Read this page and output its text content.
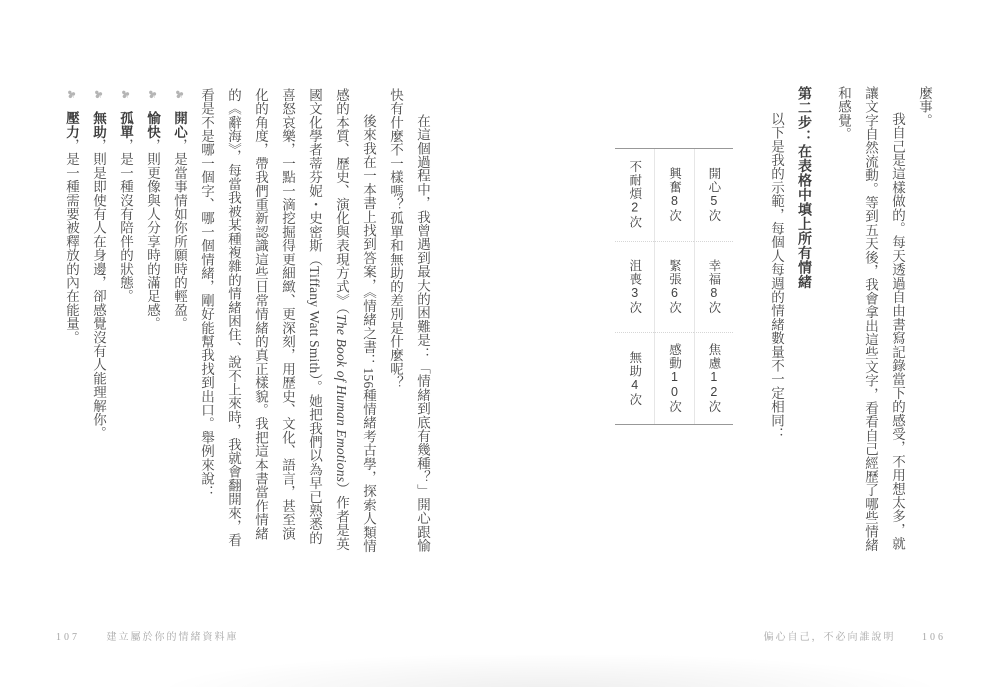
麼事。

我自己是這樣做的。每天透過自由書寫記錄當下的感受，不用想太多，就讓文字自然流動。等到五天後，我會拿出這些文字，看看自己經歷了哪些情緒和感覺。

第二步：在表格中填上所有情緒

以下是我的示範，每個人每週的情緒數量不一定相同：

開心5次
幸福8次
焦慮12次
興奮8次
緊張6次
感動10次
不耐煩2次
沮喪3次
無助4次
偏心自己，不必向誰說明	106

在這個過程中，我曾遇到最大的困難是：「情緒到底有幾種？」開心跟愉快有什麼不一樣嗎？孤單和無助的差別是什麼呢？

後來我在一本書上找到答案，《情緒之書：156種情緒考古學，探索人類情感的本質、歷史、演化與表現方式》（The Book of Human Emotions）作者是英國文化學者蒂芬妮・史密斯（Tiffany Watt Smith）。她把我們以為早已熟悉的喜怒哀樂，一點一滴挖掘得更細緻、更深刻，用歷史、文化、語言，甚至演化的角度，帶我們重新認識這些日常情緒的真正樣貌。我把這本書當作情緒的《辭海》，每當我被某種複雜的情緒困住、說不上來時，我就會翻開來，看看是不是哪一個字、哪一個情緒，剛好能幫我找到出口。舉例來說：

♣開心，是當事情如你所願時的輕盈。

♣愉快，則更像與人分享時的滿足感。

♣孤單，是一種沒有陪伴的狀態。

♣無助，則是即使有人在身邊，卻感覺沒有人能理解你。

♣壓力，是一種需要被釋放的內在能量。

107	建立屬於你的情緒資料庫
